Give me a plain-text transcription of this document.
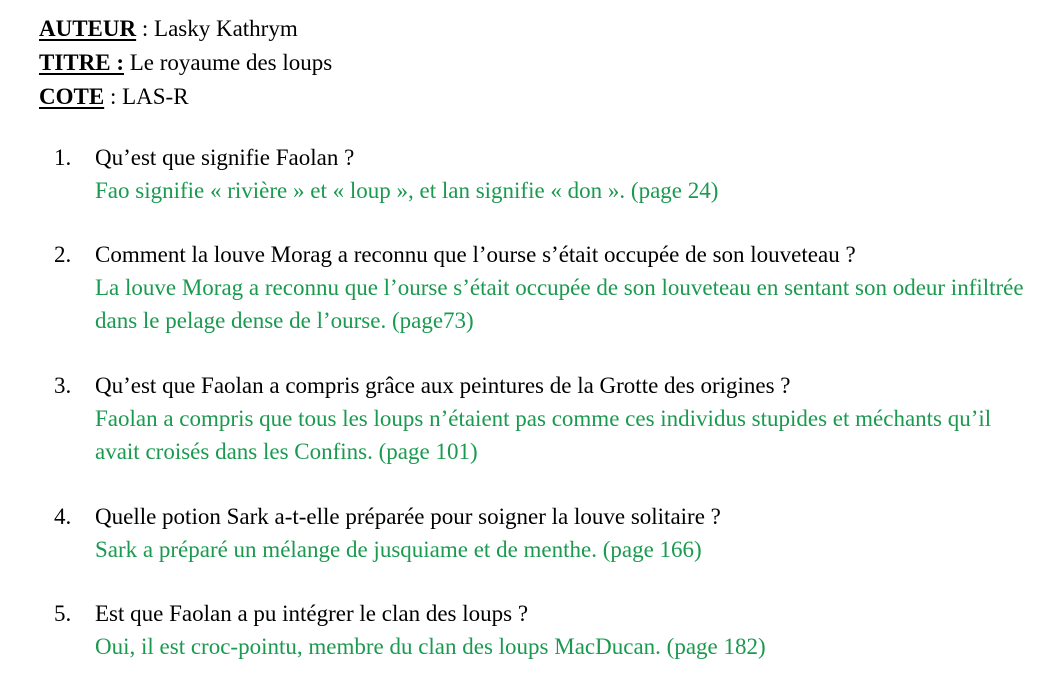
AUTEUR : Lasky Kathrym
TITRE : Le royaume des loups
COTE : LAS-R
1. Qu’est que signifie Faolan ?
Fao signifie « rivière » et « loup », et lan signifie « don ». (page 24)
2. Comment la louve Morag a reconnu que l’ourse s’était occupée de son louveteau ?
La louve Morag a reconnu que l’ourse s’était occupée de son louveteau en sentant son odeur infiltrée dans le pelage dense de l’ourse. (page73)
3. Qu’est que Faolan a compris grâce aux peintures de la Grotte des origines ?
Faolan a compris que tous les loups n’étaient pas comme ces individus stupides et méchants qu’il avait croisés dans les Confins. (page 101)
4. Quelle potion Sark a-t-elle préparée pour soigner la louve solitaire ?
Sark a préparé un mélange de jusquiame et de menthe. (page 166)
5. Est que Faolan a pu intégrer le clan des loups ?
Oui, il est croc-pointu, membre du clan des loups MacDucan. (page 182)
